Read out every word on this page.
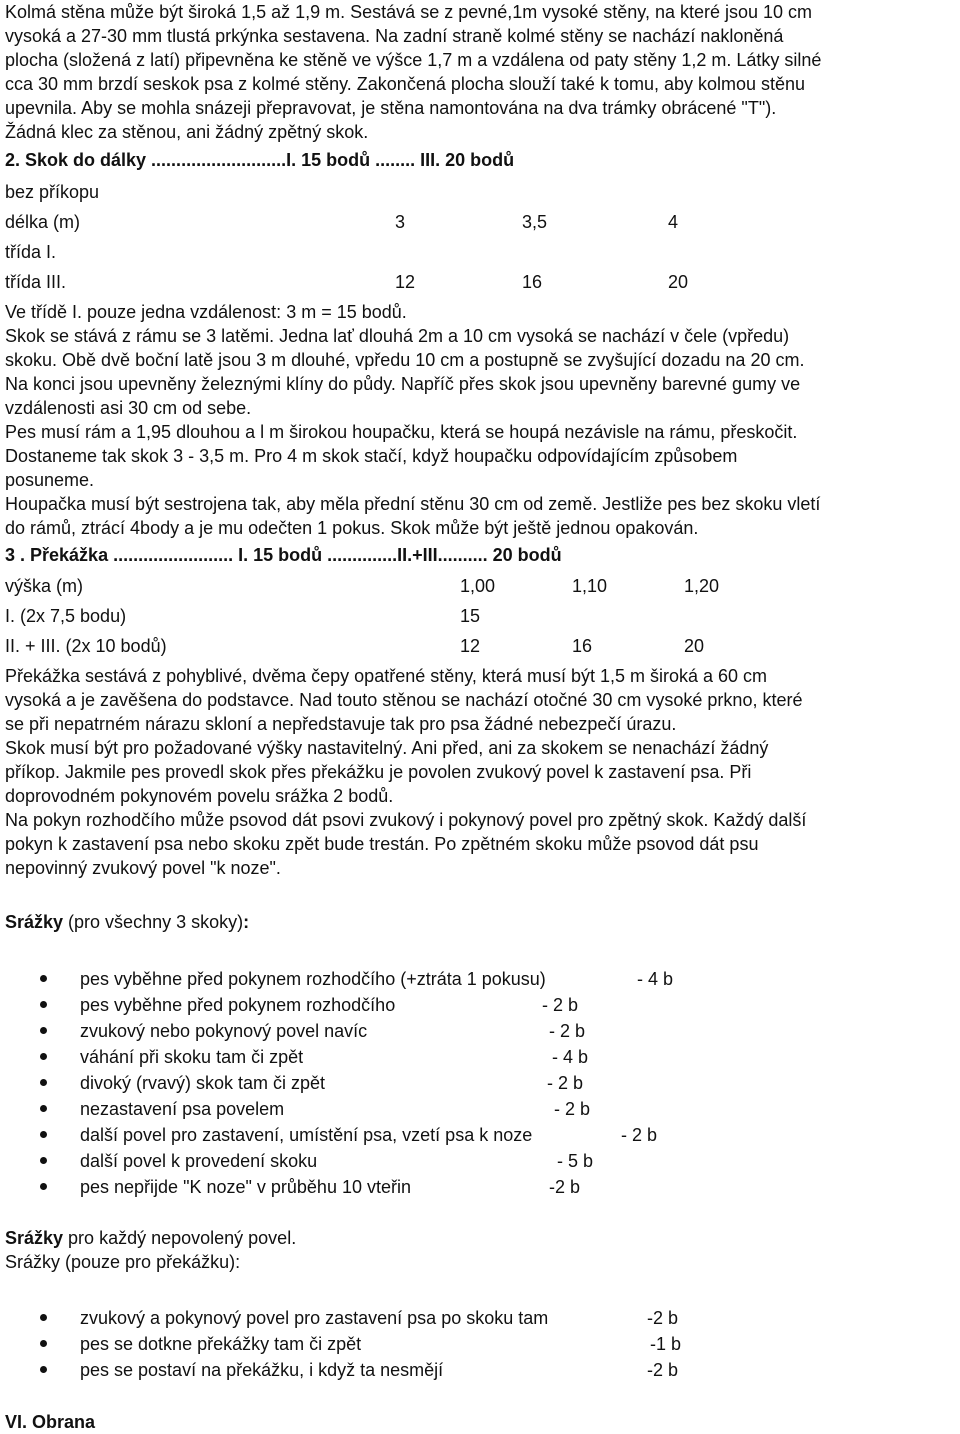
Kolmá stěna může být široká 1,5 až 1,9 m. Sestává se z pevné,1m vysoké stěny, na které jsou 10 cm
vysoká a 27-30 mm tlustá prkýnka sestavena. Na zadní straně kolmé stěny se nachází nakloněná
plocha (složená z latí) připevněna ke stěně ve výšce 1,7 m a vzdálena od paty stěny 1,2 m. Látky silné
cca 30 mm brzdí seskok psa z kolmé stěny. Zakončená plocha slouží také k tomu, aby kolmou stěnu
upevnila. Aby se mohla snázeji přepravovat, je stěna namontována na dva trámky obrácené "T").
Žádná klec za stěnou, ani žádný zpětný skok.
2. Skok do dálky ...........................I. 15 bodů ........ III. 20 bodů
bez příkopu
délka (m)	3	3,5	4
třída I.
třída III.	12	16	20
Ve třídě I. pouze jedna vzdálenost: 3 m = 15 bodů.
Skok se stává z rámu se 3 latěmi. Jedna lať dlouhá 2m a 10 cm vysoká se nachází v čele (vpředu)
skoku. Obě dvě boční latě jsou 3 m dlouhé, vpředu 10 cm a postupně se zvyšující dozadu na 20 cm.
Na konci jsou upevněny železnými klíny do půdy. Napříč přes skok jsou upevněny barevné gumy ve
vzdálenosti asi 30 cm od sebe.
Pes musí rám a 1,95 dlouhou a l m širokou houpačku, která se houpá nezávisle na rámu, přeskočit.
Dostaneme tak skok 3 - 3,5 m. Pro 4 m skok stačí, když houpačku odpovídajícím způsobem
posuneme.
Houpačka musí být sestrojena tak, aby měla přední stěnu 30 cm od země. Jestliže pes bez skoku vletí
do rámů, ztrácí 4body a je mu odečten 1 pokus. Skok může být ještě jednou opakován.
3 . Překážka ........................ I. 15 bodů ..............II.+III.......... 20 bodů
výška (m)	1,00	1,10	1,20
I. (2x 7,5 bodu)	15
II. + III. (2x 10 bodů)	12	16	20
Překážka sestává z pohyblivé, dvěma čepy opatřené stěny, která musí být 1,5 m široká a 60 cm
vysoká a je zavěšena do podstavce. Nad touto stěnou se nachází otočné 30 cm vysoké prkno, které
se při nepatrném nárazu skloní a nepředstavuje tak pro psa žádné nebezpečí úrazu.
Skok musí být pro požadované výšky nastavitelný. Ani před, ani za skokem se nenachází žádný
příkop. Jakmile pes provedl skok přes překážku je povolen zvukový povel k zastavení psa. Při
doprovodném pokynovém povelu srážka 2 bodů.
Na pokyn rozhodčího může psovod dát psovi zvukový i pokynový povel pro zpětný skok. Každý další
pokyn k zastavení psa nebo skoku zpět bude trestán. Po zpětném skoku může psovod dát psu
nepovinný zvukový povel "k noze".
Srážky (pro všechny 3 skoky):
pes vyběhne před pokynem rozhodčího (+ztráta 1 pokusu)	- 4 b
pes vyběhne před pokynem rozhodčího	- 2 b
zvukový nebo pokynový povel navíc	- 2 b
váhání při skoku tam či zpět	- 4 b
divoký (rvavý) skok tam či zpět	- 2 b
nezastavení psa povelem	- 2 b
další povel pro zastavení, umístění psa, vzetí psa k noze	- 2 b
další povel k provedení skoku	- 5 b
pes nepřijde "K noze" v průběhu 10 vteřin	-2 b
Srážky pro každý nepovolený povel.
Srážky (pouze pro překážku):
zvukový a pokynový povel pro zastavení psa po skoku tam	-2 b
pes se dotkne překážky tam či zpět	-1 b
pes se postaví na překážku, i když ta nesmějí	-2 b
VI. Obrana
